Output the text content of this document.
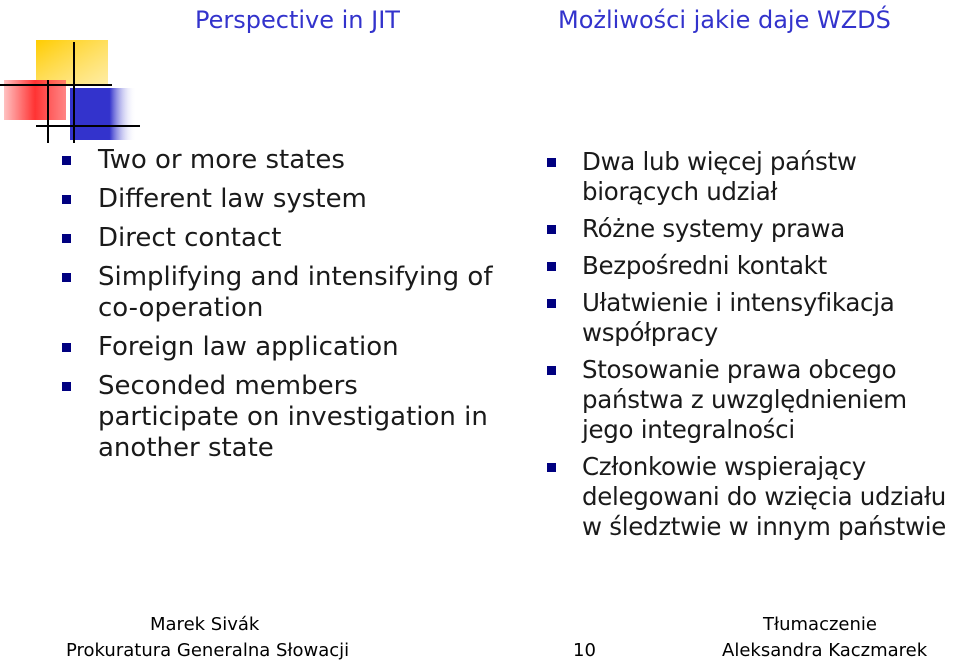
Perspective in JIT	Możliwości jakie daje WZDŚ
Two or more states
Different law system
Direct contact
Simplifying and intensifying of co-operation
Foreign law application
Seconded members participate on investigation in another state
Dwa lub więcej państw biorących udział
Różne systemy prawa
Bezpośredni kontakt
Ułatwienie i intensyfikacja współpracy
Stosowanie prawa obcego państwa z uwzględnieniem jego integralności
Członkowie wspierający delegowani do wzięcia udziału w śledztwie w innym państwie
Marek Sivák
Prokuratura Generalna Słowacji	10
Tłumaczenie
Aleksandra Kaczmarek
